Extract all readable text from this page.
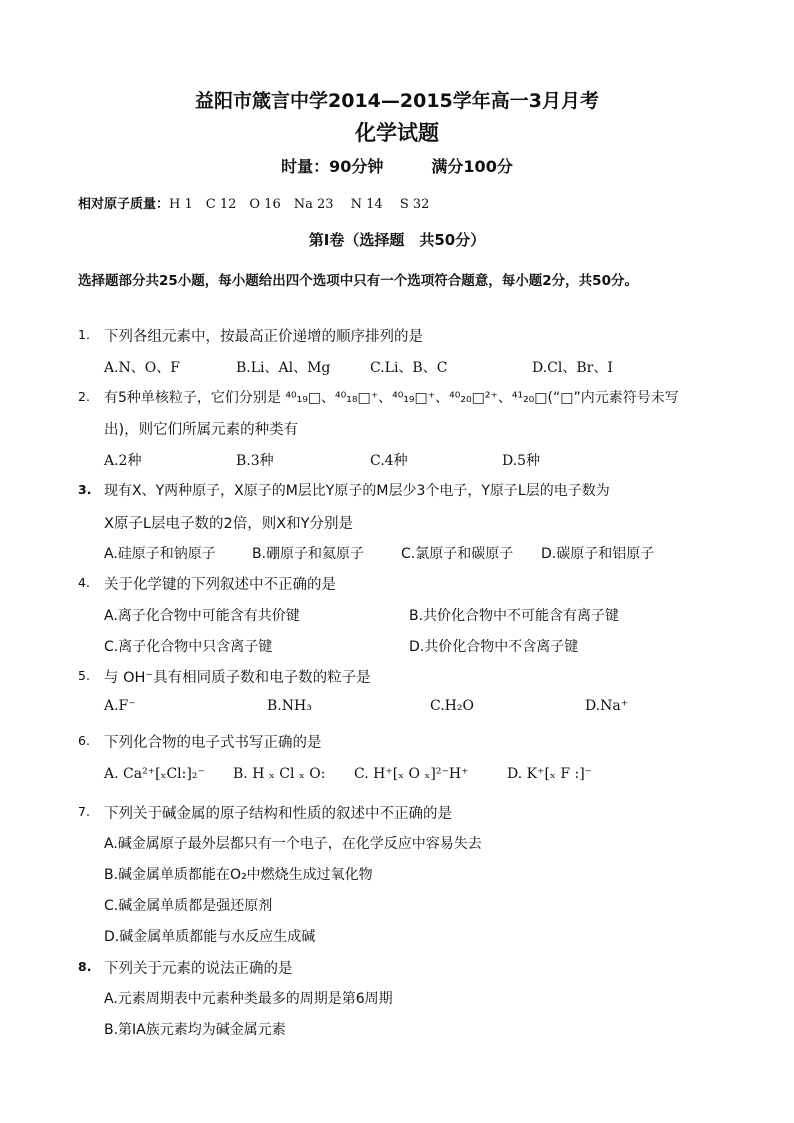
益阳市箴言中学2014—2015学年高一3月月考
化学试题
时量：90分钟　　　满分100分
相对原子质量：H 1　C 12　O 16　Na 23　 N 14　 S 32
第Ⅰ卷（选择题　共50分）
选择题部分共25小题，每小题给出四个选项中只有一个选项符合题意，每小题2分，共50分。
1. 下列各组元素中，按最高正价递增的顺序排列的是
A.N、O、F	B.Li、Al、Mg	C.Li、B、C	D.Cl、Br、I
2. 有5种单核粒子，它们分别是 ⁴⁰₁₉□、⁴⁰₁₈□⁺、⁴⁰₁₉□⁺、⁴⁰₂₀□²⁺、⁴¹₂₀□(“□”内元素符号未写
出)，则它们所属元素的种类有
A.2种	B.3种	C.4种	D.5种
3. 现有X、Y两种原子，X原子的M层比Y原子的M层少3个电子，Y原子L层的电子数为
X原子L层电子数的2倍，则X和Y分别是
A.硅原子和钠原子	B.硼原子和氦原子	C.氯原子和碳原子 D.碳原子和铝原子
4. 关于化学键的下列叙述中不正确的是
A.离子化合物中可能含有共价键	B.共价化合物中不可能含有离子键
C.离子化合物中只含离子键	D.共价化合物中不含离子键
5. 与 OH⁻具有相同质子数和电子数的粒子是
A.F⁻	B.NH₃	C.H₂O	D.Na⁺
6. 下列化合物的电子式书写正确的是
A. Ca²⁺[ₓCl:]₂⁻ B. H ₓ Cl ₓ O: C. H⁺[ₓ O ₓ]²⁻H⁺	D. K⁺[ₓ F :]⁻
7. 下列关于碱金属的原子结构和性质的叙述中不正确的是
A.碱金属原子最外层都只有一个电子，在化学反应中容易失去
B.碱金属单质都能在O₂中燃烧生成过氧化物
C.碱金属单质都是强还原剂
D.碱金属单质都能与水反应生成碱
8. 下列关于元素的说法正确的是
A.元素周期表中元素种类最多的周期是第6周期
B.第IA族元素均为碱金属元素
